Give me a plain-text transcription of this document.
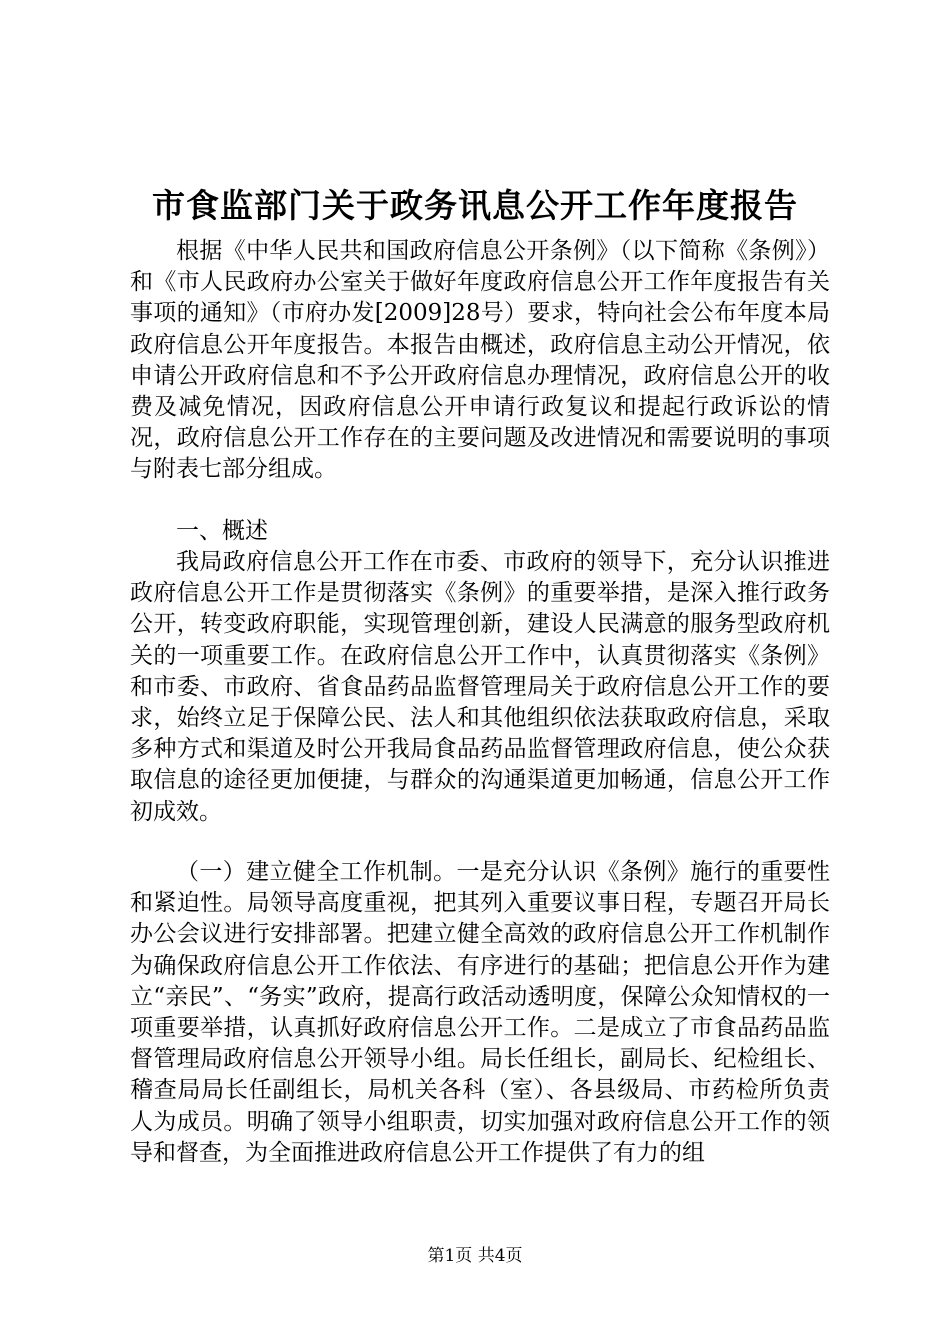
市食监部门关于政务讯息公开工作年度报告

根据《中华人民共和国政府信息公开条例》（以下简称《条例》）和《市人民政府办公室关于做好年度政府信息公开工作年度报告有关事项的通知》（市府办发[2009]28号）要求，特向社会公布年度本局政府信息公开年度报告。本报告由概述，政府信息主动公开情况，依申请公开政府信息和不予公开政府信息办理情况，政府信息公开的收费及减免情况，因政府信息公开申请行政复议和提起行政诉讼的情况，政府信息公开工作存在的主要问题及改进情况和需要说明的事项与附表七部分组成。

一、概述

我局政府信息公开工作在市委、市政府的领导下，充分认识推进政府信息公开工作是贯彻落实《条例》的重要举措，是深入推行政务公开，转变政府职能，实现管理创新，建设人民满意的服务型政府机关的一项重要工作。在政府信息公开工作中，认真贯彻落实《条例》和市委、市政府、省食品药品监督管理局关于政府信息公开工作的要求，始终立足于保障公民、法人和其他组织依法获取政府信息，采取多种方式和渠道及时公开我局食品药品监督管理政府信息，使公众获取信息的途径更加便捷，与群众的沟通渠道更加畅通，信息公开工作初成效。

（一）建立健全工作机制。一是充分认识《条例》施行的重要性和紧迫性。局领导高度重视，把其列入重要议事日程，专题召开局长办公会议进行安排部署。把建立健全高效的政府信息公开工作机制作为确保政府信息公开工作依法、有序进行的基础；把信息公开作为建立“亲民”、“务实”政府，提高行政活动透明度，保障公众知情权的一项重要举措，认真抓好政府信息公开工作。二是成立了市食品药品监督管理局政府信息公开领导小组。局长任组长，副局长、纪检组长、稽查局局长任副组长，局机关各科（室）、各县级局、市药检所负责人为成员。明确了领导小组职责，切实加强对政府信息公开工作的领导和督查，为全面推进政府信息公开工作提供了有力的组

第1页 共4页
